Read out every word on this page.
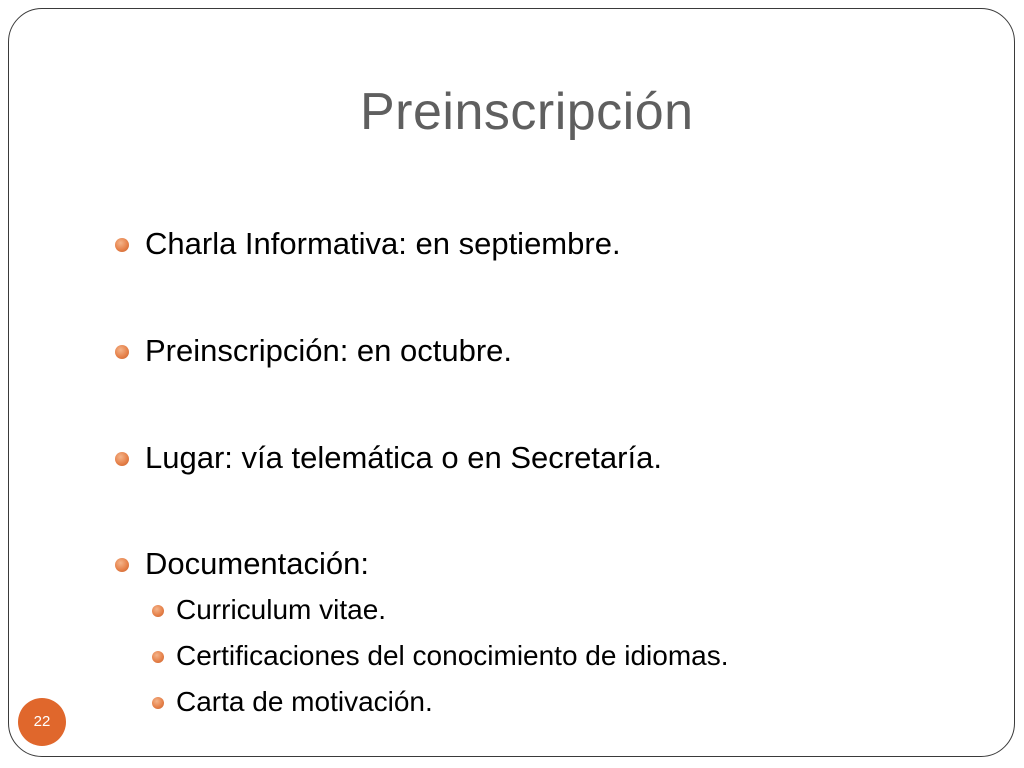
Preinscripción
Charla Informativa: en septiembre.
Preinscripción: en octubre.
Lugar: vía telemática o en Secretaría.
Documentación:
Curriculum vitae.
Certificaciones del conocimiento de idiomas.
Carta de motivación.
22
